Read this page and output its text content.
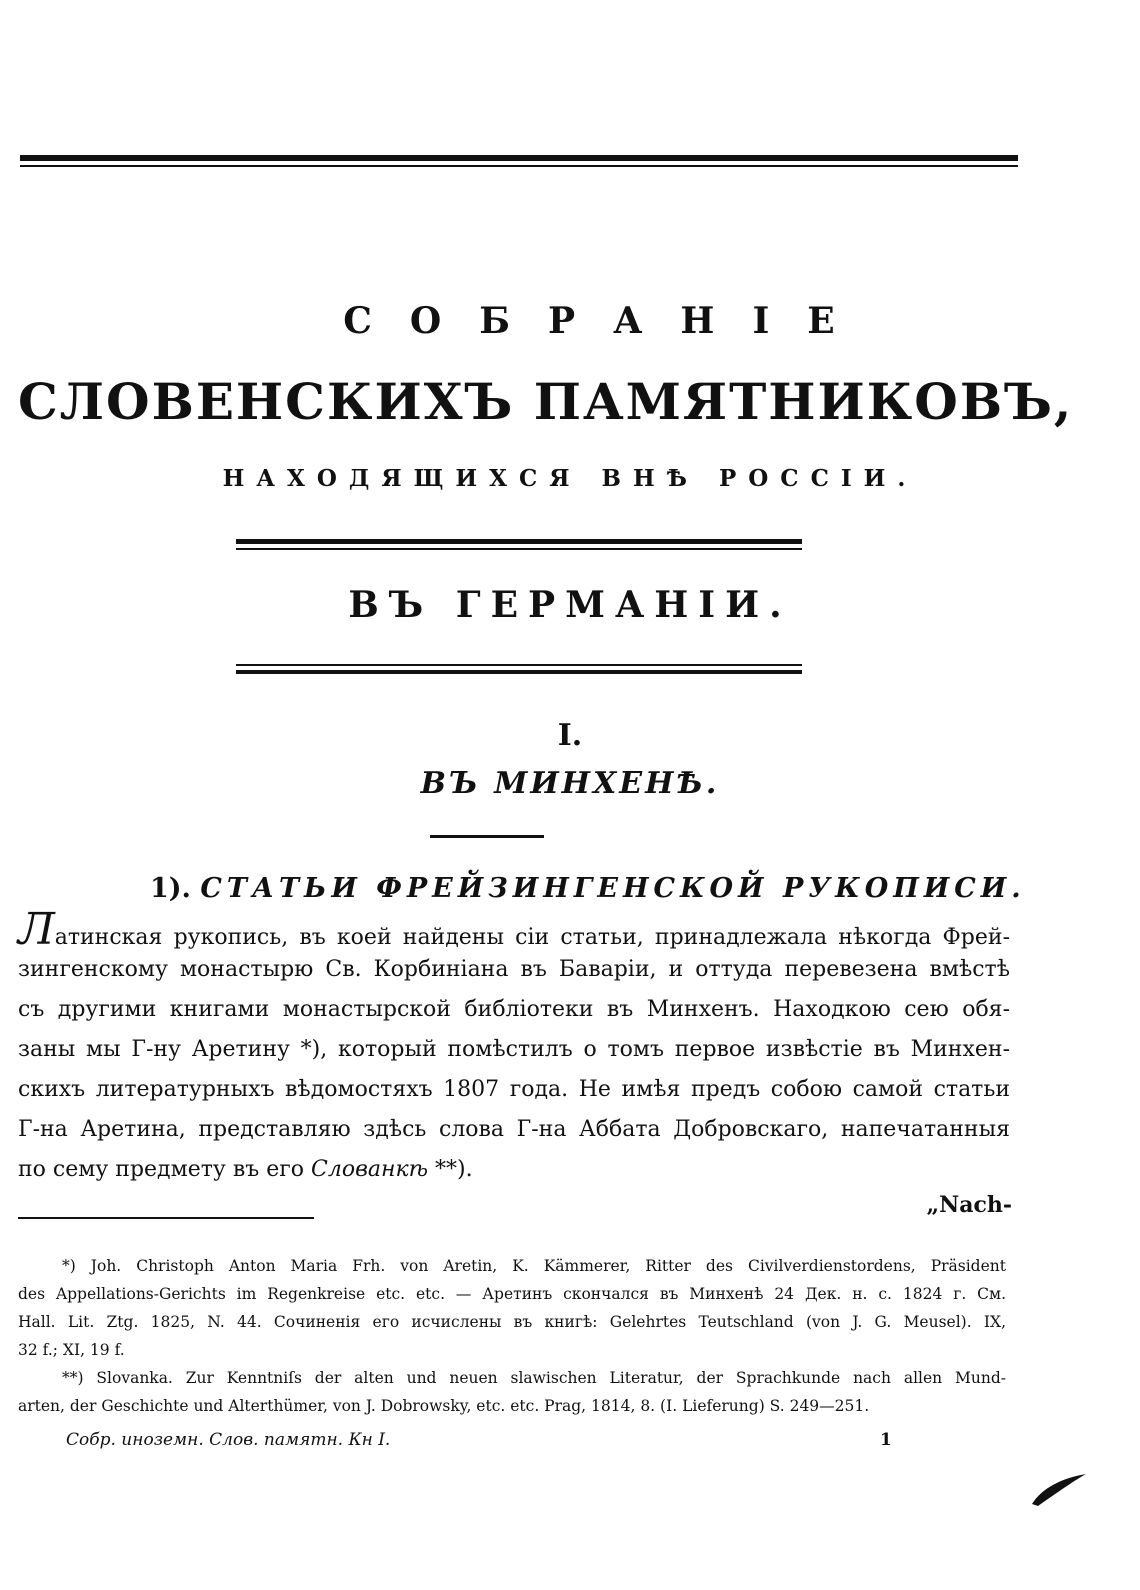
СОБРАНІЕ
СЛОВЕНСКИХЪ ПАМЯТНИКОВЪ,
НАХОДЯЩИХСЯ ВНѢ РОССІИ.
ВЪ ГЕРМАНІИ.
I.
ВЪ МИНХЕНѢ.
1). СТАТЬИ ФРЕЙЗИНГЕНСКОЙ РУКОПИСИ.
Латинская рукопись, въ коей найдены сіи статьи, принадлежала нѣкогда Фрей-
зингенскому монастырю Св. Корбиніана въ Баваріи, и оттуда перевезена вмѣстѣ
съ другими книгами монастырской библіотеки въ Минхенъ. Находкою сею обя-
заны мы Г-ну Аретину *), который помѣстилъ о томъ первое извѣстіе въ Минхен-
скихъ литературныхъ вѣдомостяхъ 1807 года. Не имѣя предъ собою самой статьи
Г-на Аретина, представляю здѣсь слова Г-на Аббата Добровскаго, напечатанныя
по сему предмету въ его Слованкѣ **).
„Nach-
*) Joh. Christoph Anton Maria Frh. von Aretin, K. Kämmerer, Ritter des Civilverdienstordens, Präsident
des Appellations-Gerichts im Regenkreise etc. etc. — Аретинъ скончался въ Минхенѣ 24 Дек. н. с. 1824 г. См.
Hall. Lit. Ztg. 1825, N. 44. Сочиненія его исчислены въ книгѣ: Gelehrtes Teutschland (von J. G. Meusel). IX,
32 f.; XI, 19 f.
**) Slovanka. Zur Kenntniſs der alten und neuen slawischen Literatur, der Sprachkunde nach allen Mund-
arten, der Geschichte und Alterthümer, von J. Dobrowsky, etc. etc. Prag, 1814, 8. (I. Lieferung) S. 249—251.
Собр. иноземн. Слов. памятн. Кн I.	1
